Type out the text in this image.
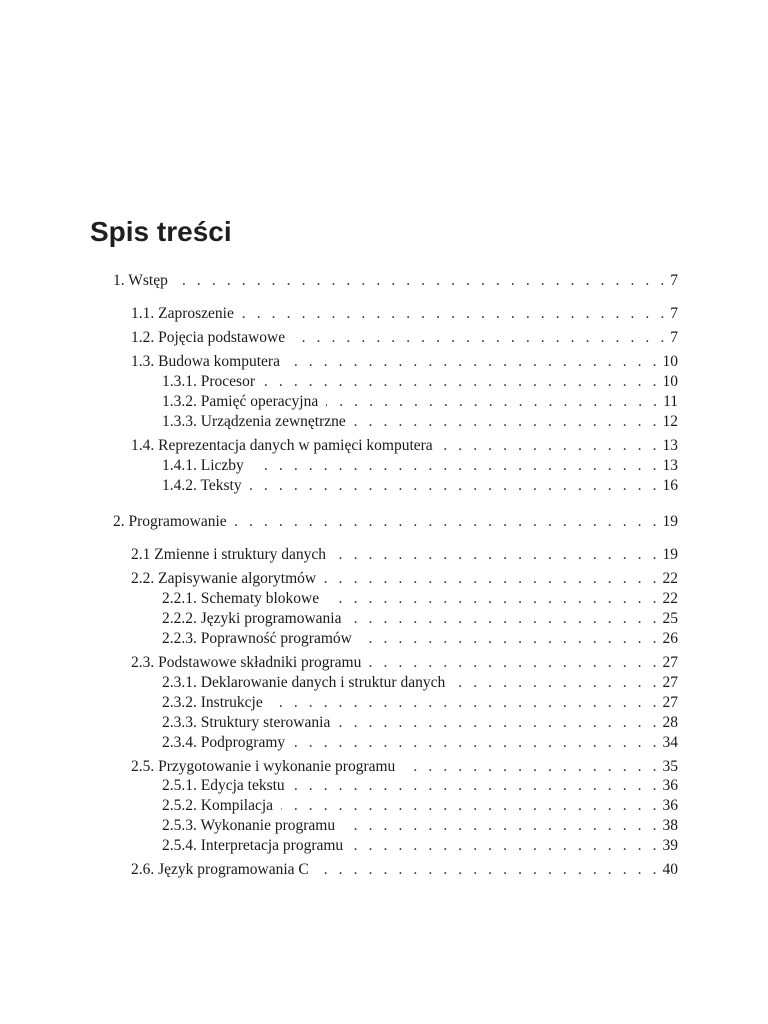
Spis treści
1. Wstęp . . .	7
1.1. Zaproszenie . . .	7
1.2. Pojęcia podstawowe . . .	7
1.3. Budowa komputera . . .	10
1.3.1. Procesor . . .	10
1.3.2. Pamięć operacyjna . . .	11
1.3.3. Urządzenia zewnętrzne . . .	12
1.4. Reprezentacja danych w pamięci komputera . . .	13
1.4.1. Liczby . . .	13
1.4.2. Teksty . . .	16
2. Programowanie . . .	19
2.1 Zmienne i struktury danych . . .	19
2.2. Zapisywanie algorytmów . . .	22
2.2.1. Schematy blokowe . . .	22
2.2.2. Języki programowania . . .	25
2.2.3. Poprawność programów . . .	26
2.3. Podstawowe składniki programu . . .	27
2.3.1. Deklarowanie danych i struktur danych . . .	27
2.3.2. Instrukcje . . .	27
2.3.3. Struktury sterowania . . .	28
2.3.4. Podprogramy . . .	34
2.5. Przygotowanie i wykonanie programu . . .	35
2.5.1. Edycja tekstu . . .	36
2.5.2. Kompilacja . . .	36
2.5.3. Wykonanie programu . . .	38
2.5.4. Interpretacja programu . . .	39
2.6. Język programowania C . . .	40
